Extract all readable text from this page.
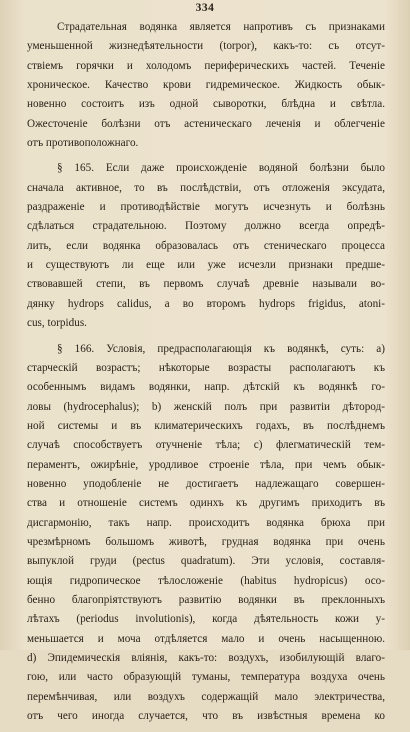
334
Страдательная водянка является напротивъ съ признаками
уменьшенной жизнедѣятельности (torpor), какъ-то: съ отсут-
ствіемъ горячки и холодомъ периферическихъ частей. Теченіе
хроническое. Качество крови гидремическое. Жидкость обык-
новенно состоитъ изъ одной сыворотки, блѣдна и свѣтла.
Ожесточеніе болѣзни отъ астеническаго леченія и облегченіе
отъ противоположнаго.
§ 165. Если даже происхожденіе водяной болѣзни было
сначала активное, то въ послѣдствіи, отъ отложенія эксудата,
раздраженіе и противодѣйствіе могутъ исчезнуть и болѣзнь
сдѣлаться страдательною. Поэтому должно всегда опредѣ-
лить, если водянка образовалась отъ стеническаго процесса
и существуютъ ли еще или уже исчезли признаки предше-
ствовавшей степи, въ первомъ случаѣ древніе называли во-
дянку hydrops calidus, а во второмъ hydrops frigidus, atoni-
cus, torpidus.
§ 166. Условія, предрасполагающія къ водянкѣ, суть: а)
старческій возрастъ; нѣкоторые возрасты располагаютъ къ
особеннымъ видамъ водянки, напр. дѣтскій къ водянкѣ го-
ловы (hydrocephalus); b) женскій полъ при развитіи дѣтород-
ной системы и въ климатерическихъ годахъ, въ послѣднемъ
случаѣ способствуетъ отучненіе тѣла; с) флегматическій тем-
пераментъ, ожирѣніе, уродливое строеніе тѣла, при чемъ обык-
новенно уподобленіе не достигаетъ надлежащаго совершен-
ства и отношеніе системъ одинхъ къ другимъ приходитъ въ
дисгармонію, такъ напр. происходитъ водянка брюха при
чрезмѣрномъ большомъ животѣ, грудная водянка при очень
выпуклой груди (pectus quadratum). Эти условія, составля-
ющія гидропическое тѣлосложеніе (habitus hydropicus) осо-
бенно благопріятствуютъ развитію водянки въ преклонныхъ
лѣтахъ (periodus involutionis), когда дѣятельность кожи у-
меньшается и моча отдѣляется мало и очень насыщенною.
d) Эпидемическія вліянія, какъ-то: воздухъ, изобилующій влаго-
гою, или часто образующій туманы, температура воздуха очень
перемѣнчивая, или воздухъ содержащій мало электричества,
отъ чего иногда случается, что въ извѣстныя времена ко
